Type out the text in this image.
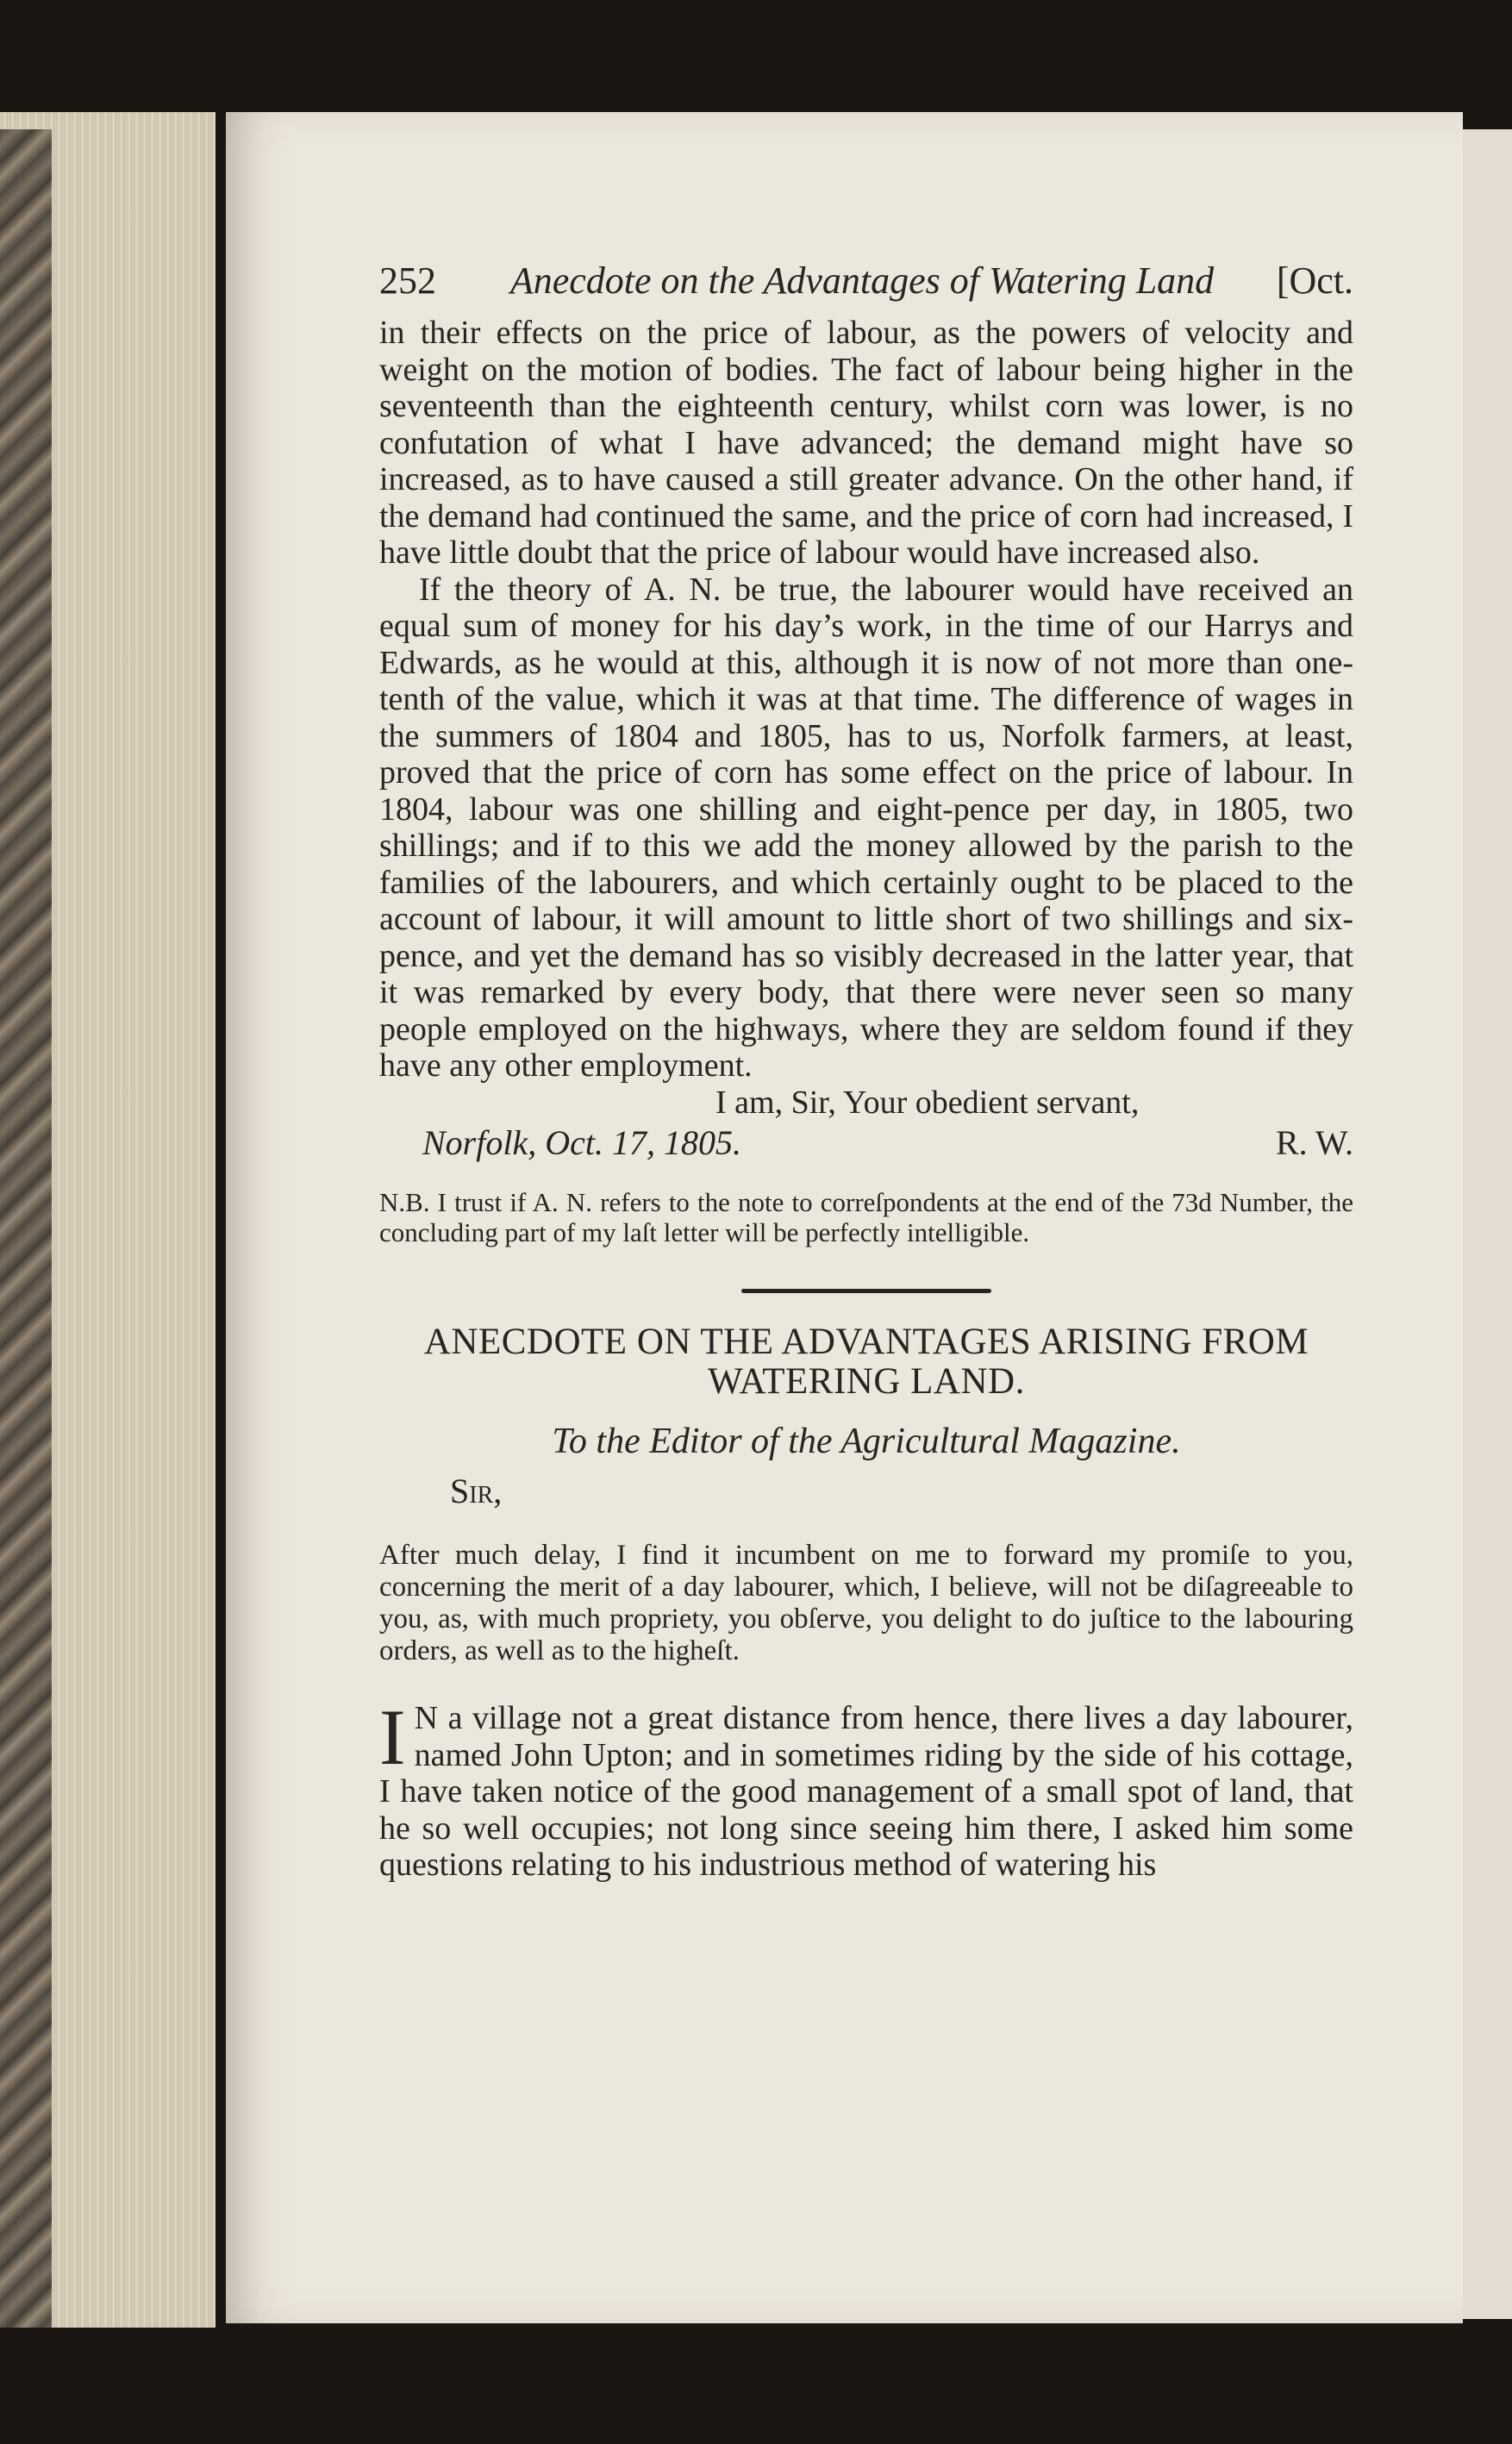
252	Anecdote on the Advantages of Watering Land	[Oct.

in their effects on the price of labour, as the powers of velocity and weight on the motion of bodies. The fact of labour being higher in the seventeenth than the eighteenth century, whilst corn was lower, is no confutation of what I have advanced; the demand might have so increased, as to have caused a still greater advance. On the other hand, if the demand had continued the same, and the price of corn had increased, I have little doubt that the price of labour would have increased also.

If the theory of A. N. be true, the labourer would have received an equal sum of money for his day’s work, in the time of our Harrys and Edwards, as he would at this, although it is now of not more than one-tenth of the value, which it was at that time. The difference of wages in the summers of 1804 and 1805, has to us, Norfolk farmers, at least, proved that the price of corn has some effect on the price of labour. In 1804, labour was one shilling and eight-pence per day, in 1805, two shillings; and if to this we add the money allowed by the parish to the families of the labourers, and which certainly ought to be placed to the account of labour, it will amount to little short of two shillings and six-pence, and yet the demand has so visibly decreased in the latter year, that it was remarked by every body, that there were never seen so many people employed on the highways, where they are seldom found if they have any other employment.

I am, Sir, Your obedient servant,

Norfolk, Oct. 17, 1805.	R. W.

N.B. I trust if A. N. refers to the note to correſpondents at the end of the 73d Number, the concluding part of my laſt letter will be perfectly intelligible.

ANECDOTE ON THE ADVANTAGES ARISING FROM

WATERING LAND.

To the Editor of the Agricultural Magazine.
Sir,

After much delay, I find it incumbent on me to forward my promiſe to you, concerning the merit of a day labourer, which, I believe, will not be diſagreeable to you, as, with much propriety, you obſerve, you delight to do juſtice to the labouring orders, as well as to the higheſt.

I N a village not a great distance from hence, there lives a day labourer, named John Upton; and in sometimes riding by the side of his cottage, I have taken notice of the good management of a small spot of land, that he so well occupies; not long since seeing him there, I asked him some questions relating to his industrious method of watering his
